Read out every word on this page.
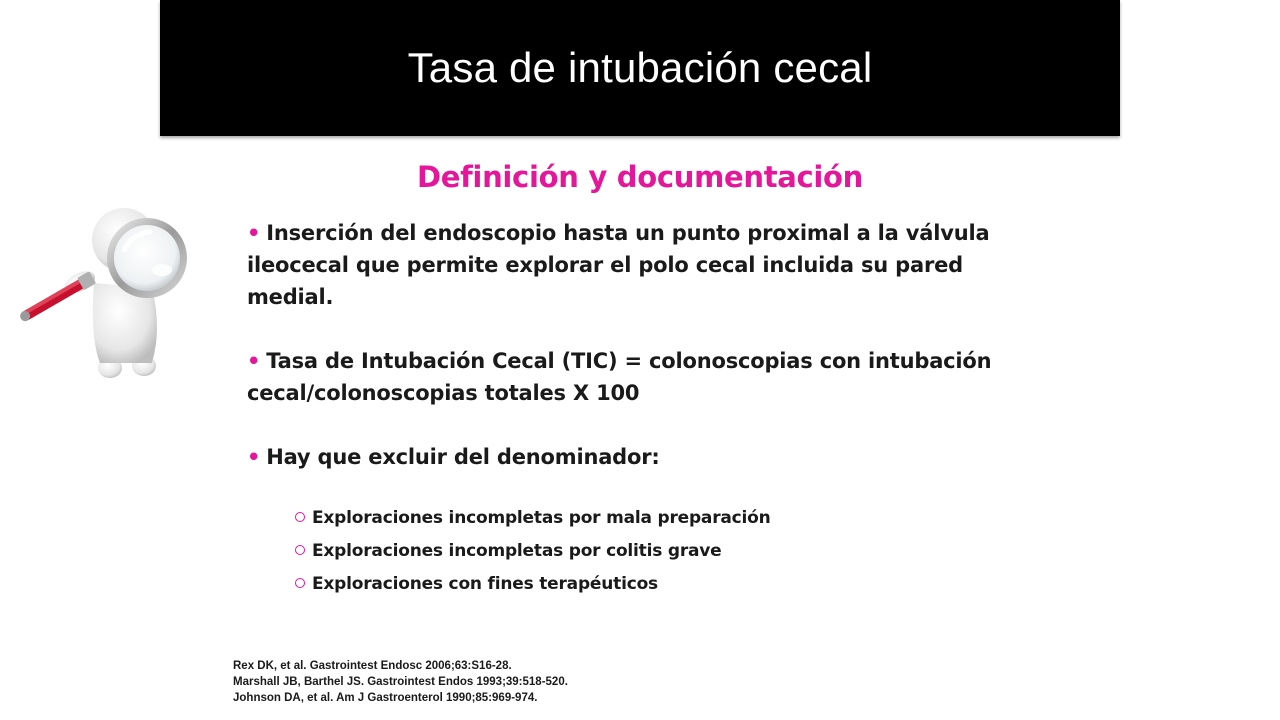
Tasa de intubación cecal
Definición y documentación
• Inserción del endoscopio hasta un punto proximal a la válvula ileocecal que permite explorar el polo cecal incluida su pared medial.
• Tasa de Intubación Cecal (TIC) = colonoscopias con intubación cecal/colonoscopias totales X 100
• Hay que excluir del denominador:
Exploraciones incompletas por mala preparación
Exploraciones incompletas por colitis grave
Exploraciones con fines terapéuticos
Rex DK, et al. Gastrointest Endosc 2006;63:S16-28.
Marshall JB, Barthel JS. Gastrointest Endos 1993;39:518-520.
Johnson DA, et al. Am J Gastroenterol 1990;85:969-974.
